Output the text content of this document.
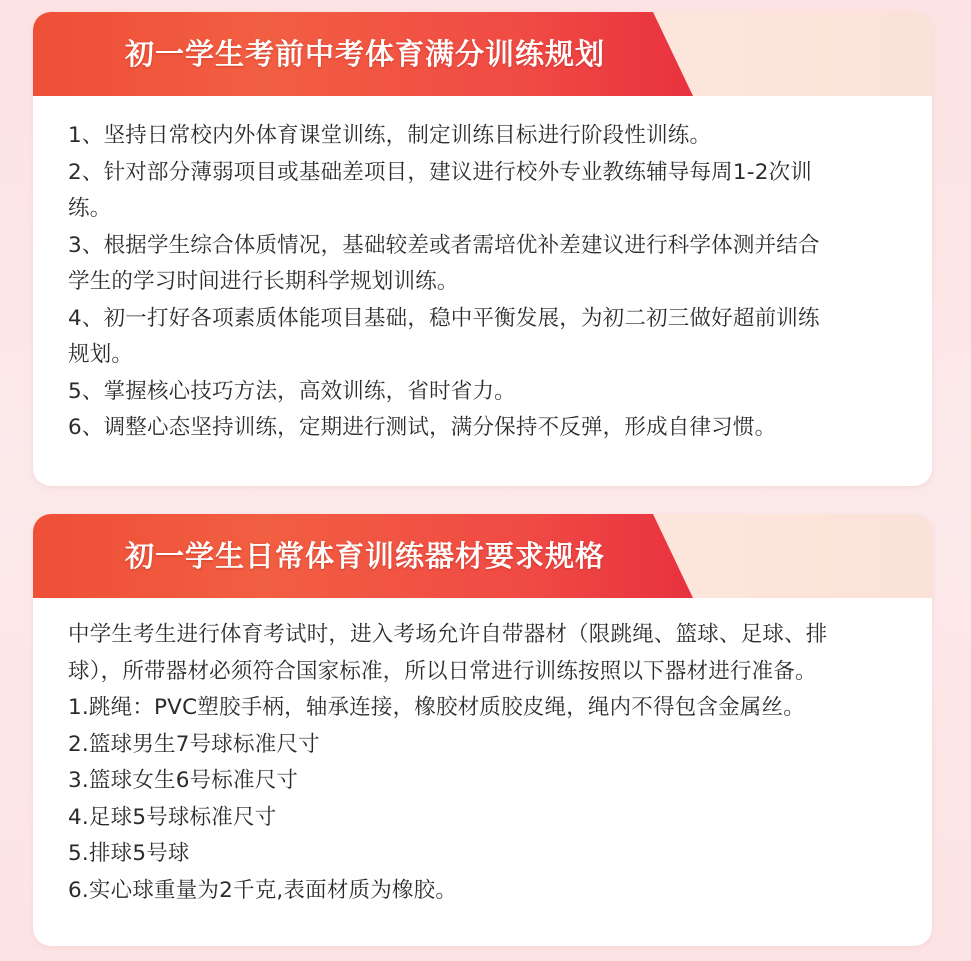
初一学生考前中考体育满分训练规划
1、坚持日常校内外体育课堂训练，制定训练目标进行阶段性训练。
2、针对部分薄弱项目或基础差项目，建议进行校外专业教练辅导每周1-2次训
练。
3、根据学生综合体质情况，基础较差或者需培优补差建议进行科学体测并结合
学生的学习时间进行长期科学规划训练。
4、初一打好各项素质体能项目基础，稳中平衡发展，为初二初三做好超前训练
规划。
5、掌握核心技巧方法，高效训练，省时省力。
6、调整心态坚持训练，定期进行测试，满分保持不反弹，形成自律习惯。
初一学生日常体育训练器材要求规格
中学生考生进行体育考试时，进入考场允许自带器材（限跳绳、篮球、足球、排
球），所带器材必须符合国家标准，所以日常进行训练按照以下器材进行准备。
1.跳绳：PVC塑胶手柄，轴承连接，橡胶材质胶皮绳，绳内不得包含金属丝。
2.篮球男生7号球标准尺寸
3.篮球女生6号标准尺寸
4.足球5号球标准尺寸
5.排球5号球
6.实心球重量为2千克,表面材质为橡胶。
